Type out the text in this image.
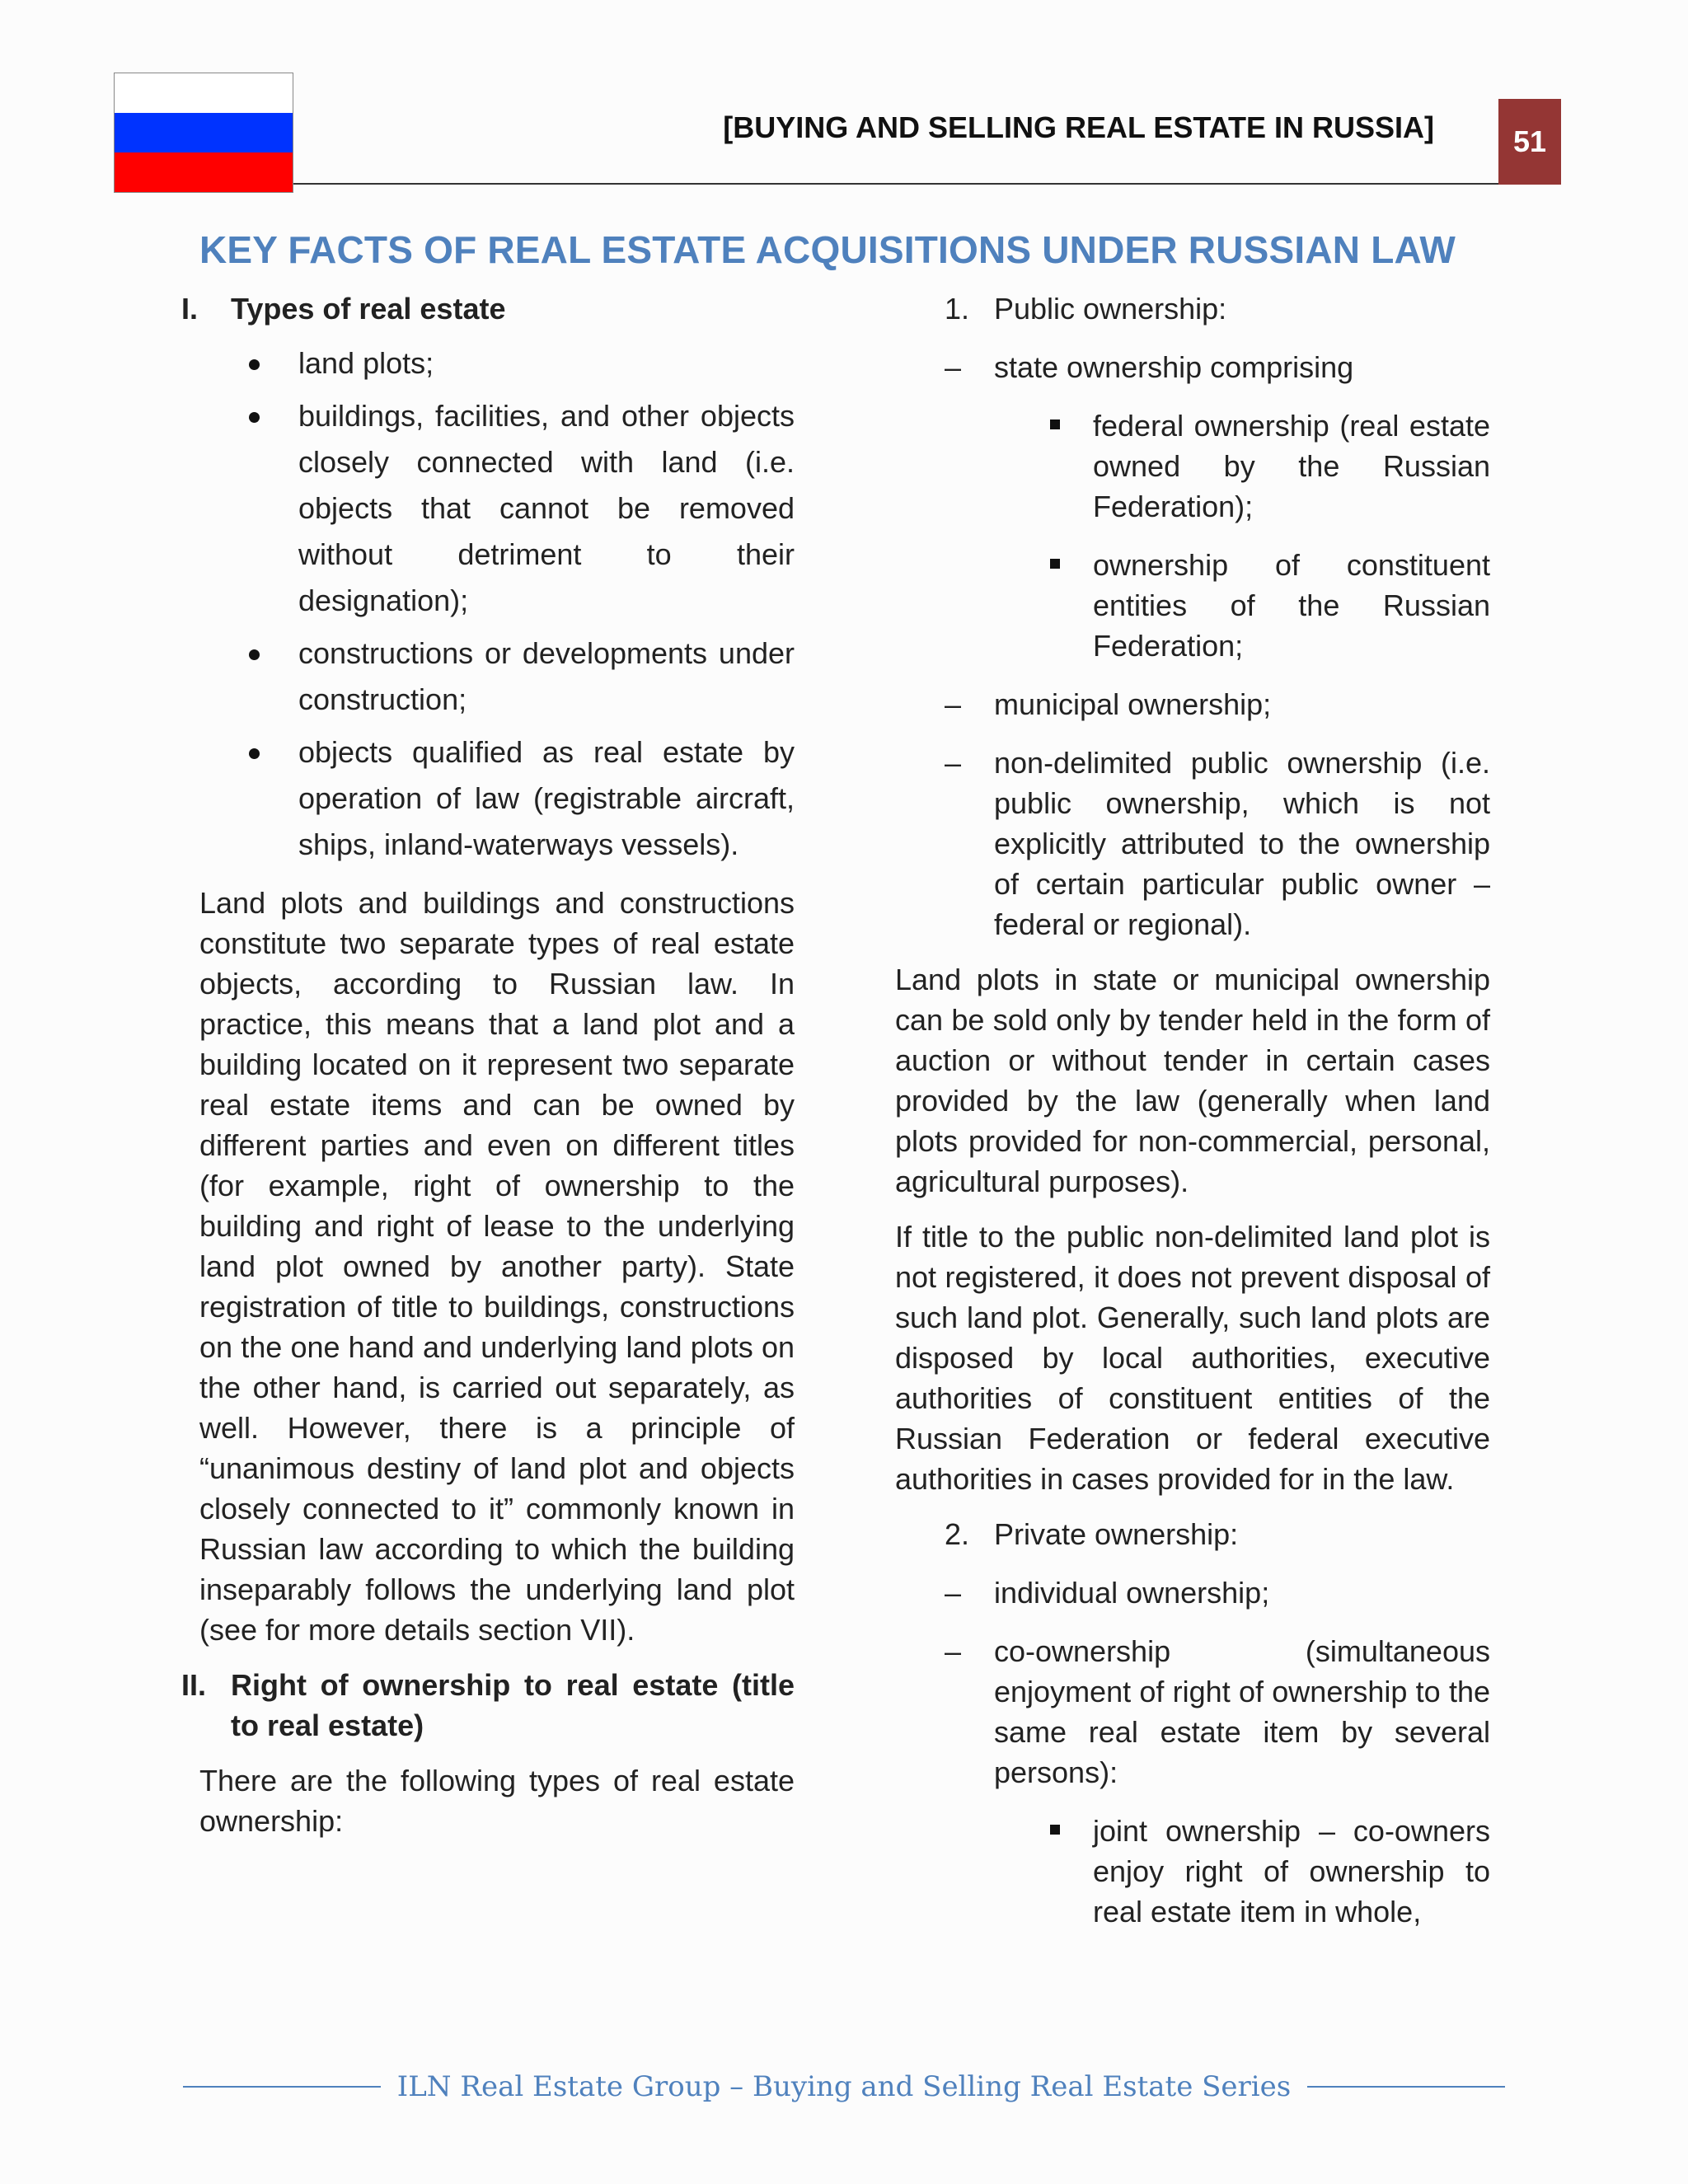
[BUYING AND SELLING REAL ESTATE IN RUSSIA]	51
KEY FACTS OF REAL ESTATE ACQUISITIONS UNDER RUSSIAN LAW
I.	Types of real estate
land plots;
buildings, facilities, and other objects closely connected with land (i.e. objects that cannot be removed without detriment to their designation);
constructions or developments under construction;
objects qualified as real estate by operation of law (registrable aircraft, ships, inland-waterways vessels).

Land plots and buildings and constructions constitute two separate types of real estate objects, according to Russian law. In practice, this means that a land plot and a building located on it represent two separate real estate items and can be owned by different parties and even on different titles (for example, right of ownership to the building and right of lease to the underlying land plot owned by another party). State registration of title to buildings, constructions on the one hand and underlying land plots on the other hand, is carried out separately, as well. However, there is a principle of “unanimous destiny of land plot and objects closely connected to it” commonly known in Russian law according to which the building inseparably follows the underlying land plot (see for more details section VII).

II. Right of ownership to real estate (title to real estate)

There are the following types of real estate ownership:

1. Public ownership:
–	state ownership comprising
federal ownership (real estate owned by the Russian Federation);
ownership of constituent entities of the Russian Federation;
–	municipal ownership;
–	non-delimited public ownership (i.e. public ownership, which is not explicitly attributed to the ownership of certain particular public owner – federal or regional).

Land plots in state or municipal ownership can be sold only by tender held in the form of auction or without tender in certain cases provided by the law (generally when land plots provided for non-commercial, personal, agricultural purposes).

If title to the public non-delimited land plot is not registered, it does not prevent disposal of such land plot. Generally, such land plots are disposed by local authorities, executive authorities of constituent entities of the Russian Federation or federal executive authorities in cases provided for in the law.

2. Private ownership:
–	individual ownership;
–	co-ownership (simultaneous enjoyment of right of ownership to the same real estate item by several persons):
joint ownership – co-owners enjoy right of ownership to real estate item in whole,
ILN Real Estate Group – Buying and Selling Real Estate Series
